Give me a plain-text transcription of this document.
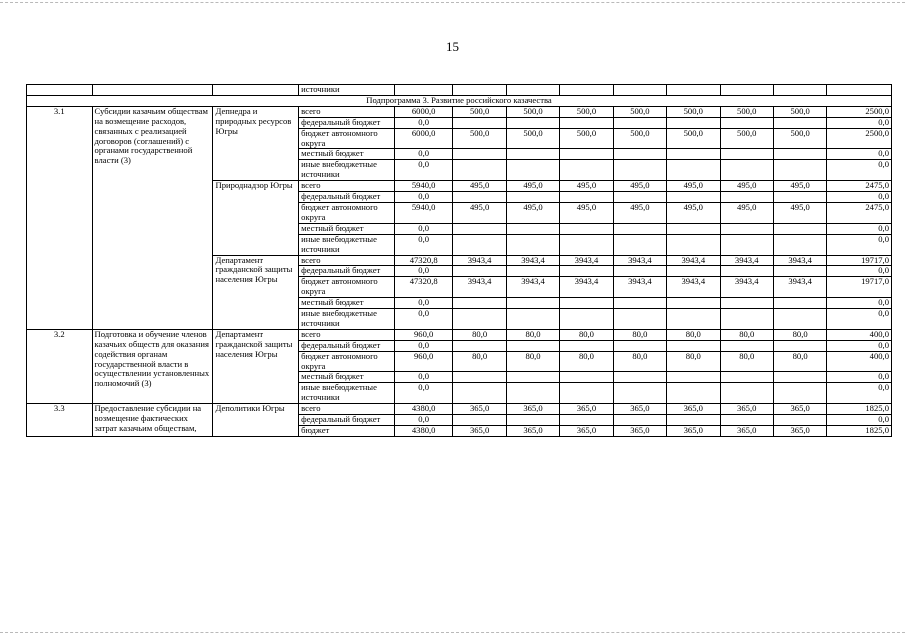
15
			источники									
Подпрограмма 3. Развитие российского казачества												
3.1	Субсидии казачьим обществам на возмещение расходов, связанных с реализацией договоров (соглашений) с органами государственной власти (3)	Депнедра и природных ресурсов Югры	всего	6000,0	500,0	500,0	500,0	500,0	500,0	500,0	500,0	2500,0
			федеральный бюджет	0,0								0,0
			бюджет автономного округа	6000,0	500,0	500,0	500,0	500,0	500,0	500,0	500,0	2500,0
			местный бюджет	0,0								0,0
			иные внебюджетные источники	0,0								0,0
		Природнадзор Югры	всего	5940,0	495,0	495,0	495,0	495,0	495,0	495,0	495,0	2475,0
			федеральный бюджет	0,0								0,0
			бюджет автономного округа	5940,0	495,0	495,0	495,0	495,0	495,0	495,0	495,0	2475,0
			местный бюджет	0,0								0,0
			иные внебюджетные источники	0,0								0,0
		Департамент гражданской защиты населения Югры	всего	47320,8	3943,4	3943,4	3943,4	3943,4	3943,4	3943,4	3943,4	19717,0
			федеральный бюджет	0,0								0,0
			бюджет автономного округа	47320,8	3943,4	3943,4	3943,4	3943,4	3943,4	3943,4	3943,4	19717,0
			местный бюджет	0,0								0,0
			иные внебюджетные источники	0,0								0,0
3.2	Подготовка и обучение членов казачьих обществ для оказания содействия органам государственной власти в осуществлении установленных полномочий (3)	Департамент гражданской защиты населения Югры	всего	960,0	80,0	80,0	80,0	80,0	80,0	80,0	80,0	400,0
			федеральный бюджет	0,0								0,0
			бюджет автономного округа	960,0	80,0	80,0	80,0	80,0	80,0	80,0	80,0	400,0
			местный бюджет	0,0								0,0
			иные внебюджетные источники	0,0								0,0
3.3	Предоставление субсидии на возмещение фактических затрат казачьим обществам,	Деполитики Югры	всего	4380,0	365,0	365,0	365,0	365,0	365,0	365,0	365,0	1825,0
			федеральный бюджет	0,0								0,0
			бюджет	4380,0	365,0	365,0	365,0	365,0	365,0	365,0	365,0	1825,0
